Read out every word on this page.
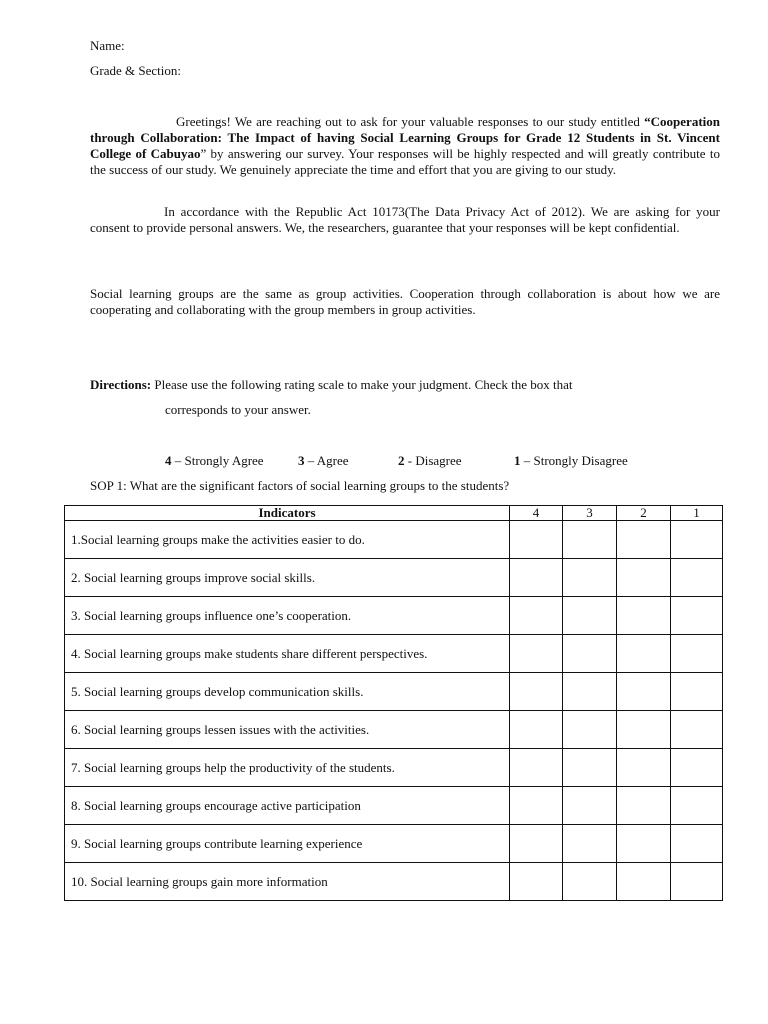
Name:
Grade & Section:
Greetings! We are reaching out to ask for your valuable responses to our study entitled “Cooperation through Collaboration: The Impact of having Social Learning Groups for Grade 12 Students in St. Vincent College of Cabuyao” by answering our survey. Your responses will be highly respected and will greatly contribute to the success of our study. We genuinely appreciate the time and effort that you are giving to our study.
In accordance with the Republic Act 10173(The Data Privacy Act of 2012). We are asking for your consent to provide personal answers. We, the researchers, guarantee that your responses will be kept confidential.
Social learning groups are the same as group activities. Cooperation through collaboration is about how we are cooperating and collaborating with the group members in group activities.
Directions: Please use the following rating scale to make your judgment. Check the box that
corresponds to your answer.
4 – Strongly Agree	3 – Agree	2 - Disagree	1 – Strongly Disagree
SOP 1: What are the significant factors of social learning groups to the students?
Indicators	4	3	2	1
1.Social learning groups make the activities easier to do.				
2. Social learning groups improve social skills.				
3. Social learning groups influence one’s cooperation.				
4. Social learning groups make students share different perspectives.				
5. Social learning groups develop communication skills.				
6. Social learning groups lessen issues with the activities.				
7. Social learning groups help the productivity of the students.				
8. Social learning groups encourage active participation				
9. Social learning groups contribute learning experience				
10. Social learning groups gain more information				
